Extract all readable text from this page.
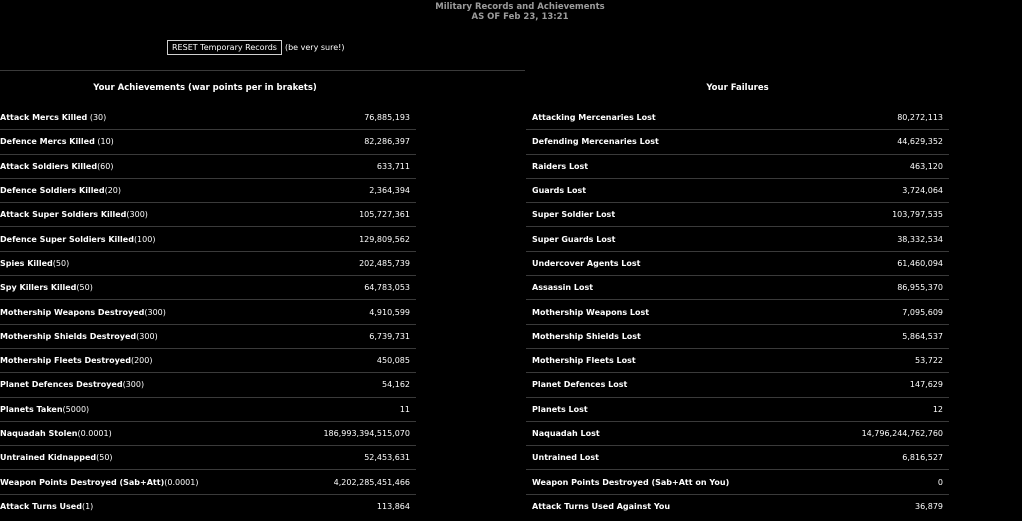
Military Records and Achievements
AS OF Feb 23, 13:21
RESET Temporary Records	(be very sure!)
Your Achievements (war points per in brakets)
Attack Mercs Killed (30)	76,885,193
Defence Mercs Killed (10)	82,286,397
Attack Soldiers Killed(60)	633,711
Defence Soldiers Killed(20)	2,364,394
Attack Super Soldiers Killed(300)	105,727,361
Defence Super Soldiers Killed(100)	129,809,562
Spies Killed(50)	202,485,739
Spy Killers Killed(50)	64,783,053
Mothership Weapons Destroyed(300)	4,910,599
Mothership Shields Destroyed(300)	6,739,731
Mothership Fleets Destroyed(200)	450,085
Planet Defences Destroyed(300)	54,162
Planets Taken(5000)	11
Naquadah Stolen(0.0001)	186,993,394,515,070
Untrained Kidnapped(50)	52,453,631
Weapon Points Destroyed (Sab+Att)(0.0001)	4,202,285,451,466
Attack Turns Used(1)	113,864
Your Failures
Attacking Mercenaries Lost	80,272,113
Defending Mercenaries Lost	44,629,352
Raiders Lost	463,120
Guards Lost	3,724,064
Super Soldier Lost	103,797,535
Super Guards Lost	38,332,534
Undercover Agents Lost	61,460,094
Assassin Lost	86,955,370
Mothership Weapons Lost	7,095,609
Mothership Shields Lost	5,864,537
Mothership Fleets Lost	53,722
Planet Defences Lost	147,629
Planets Lost	12
Naquadah Lost	14,796,244,762,760
Untrained Lost	6,816,527
Weapon Points Destroyed (Sab+Att on You)	0
Attack Turns Used Against You	36,879
